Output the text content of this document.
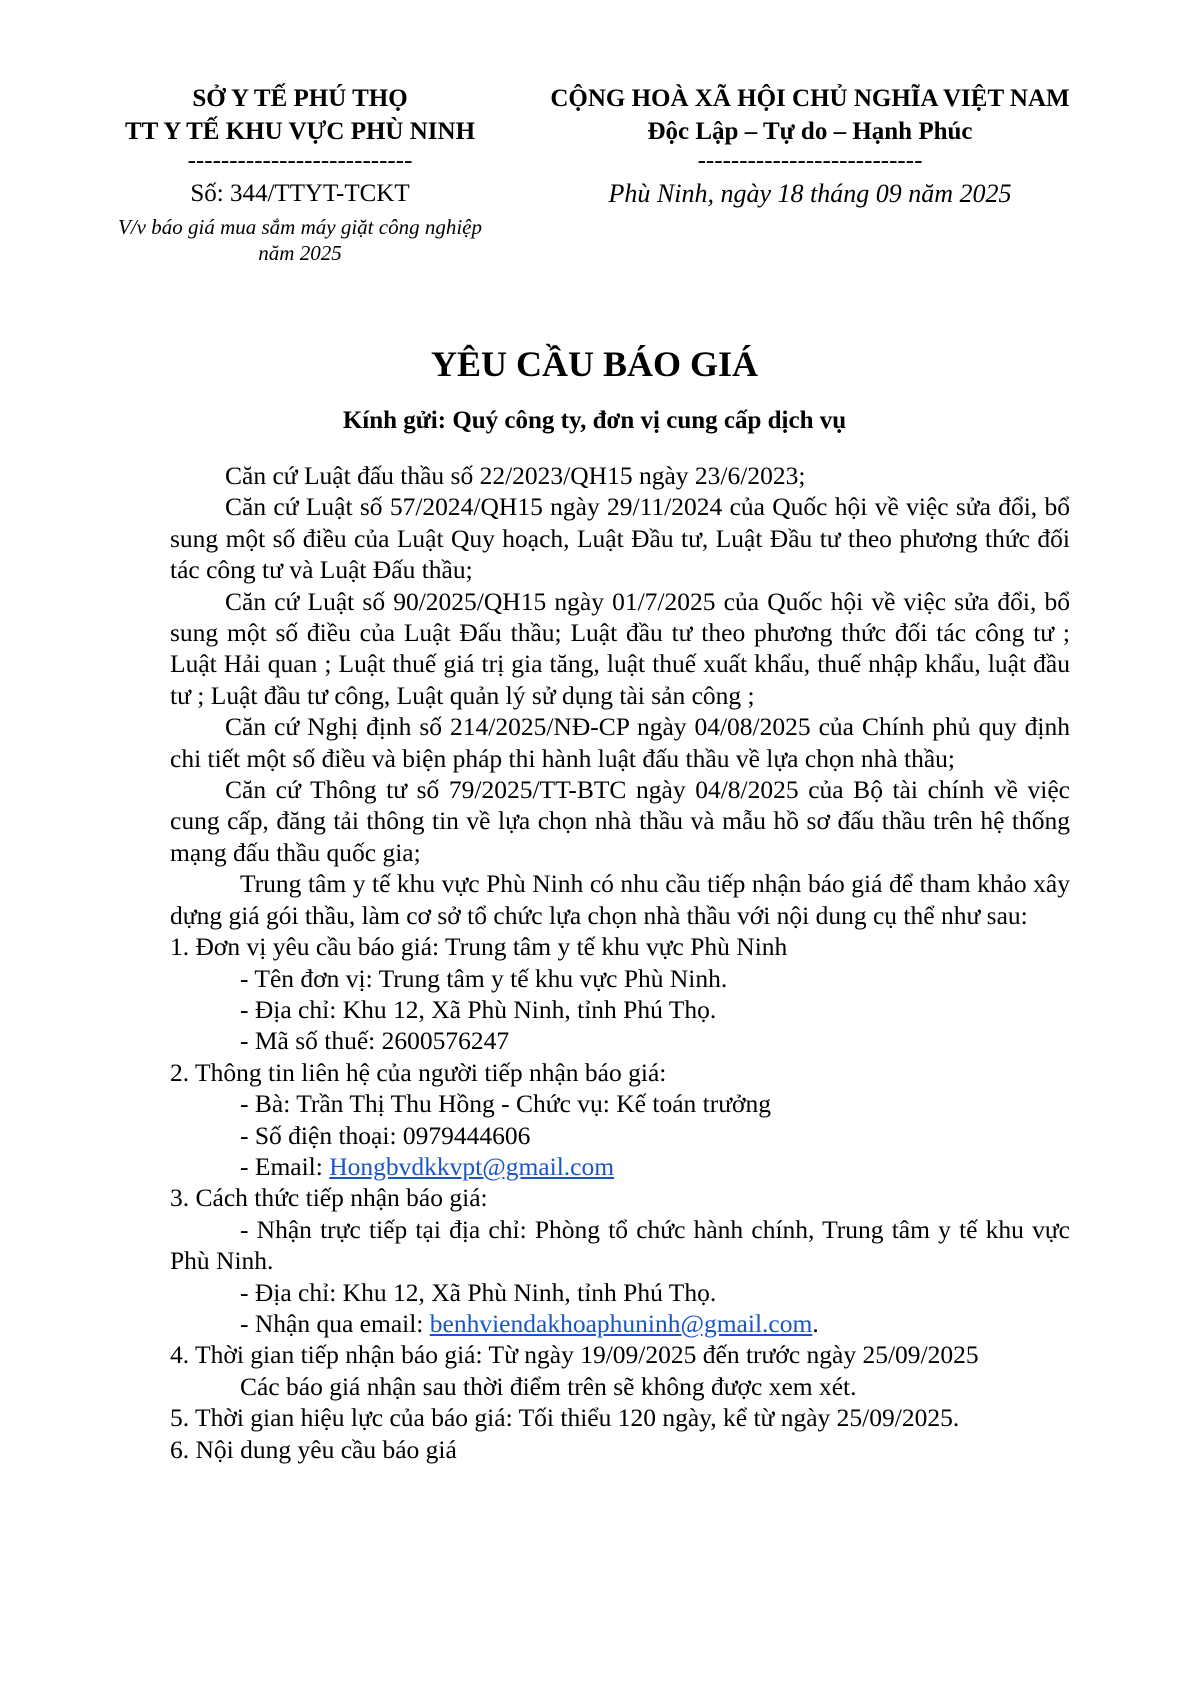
SỞ Y TẾ PHÚ THỌ
TT Y TẾ KHU VỰC PHÙ NINH
---------------------------
Số: 344/TTYT-TCKT
V/v báo giá mua sắm máy giặt công nghiệp năm 2025
CỘNG HOÀ XÃ HỘI CHỦ NGHĨA VIỆT NAM
Độc Lập – Tự do – Hạnh Phúc
---------------------------
Phù Ninh, ngày 18 tháng 09 năm 2025
YÊU CẦU BÁO GIÁ
Kính gửi: Quý công ty, đơn vị cung cấp dịch vụ

Căn cứ Luật đấu thầu số 22/2023/QH15 ngày 23/6/2023;

Căn cứ Luật số 57/2024/QH15 ngày 29/11/2024 của Quốc hội về việc sửa đổi, bổ sung một số điều của Luật Quy hoạch, Luật Đầu tư, Luật Đầu tư theo phương thức đối tác công tư và Luật Đấu thầu;

Căn cứ Luật số 90/2025/QH15 ngày 01/7/2025 của Quốc hội về việc sửa đổi, bổ sung một số điều của Luật Đấu thầu; Luật đầu tư theo phương thức đối tác công tư ; Luật Hải quan ; Luật thuế giá trị gia tăng, luật thuế xuất khẩu, thuế nhập khẩu, luật đầu tư ; Luật đầu tư công, Luật quản lý sử dụng tài sản công ;

Căn cứ Nghị định số 214/2025/NĐ-CP ngày 04/08/2025 của Chính phủ quy định chi tiết một số điều và biện pháp thi hành luật đấu thầu về lựa chọn nhà thầu;

Căn cứ Thông tư số 79/2025/TT-BTC ngày 04/8/2025 của Bộ tài chính về việc cung cấp, đăng tải thông tin về lựa chọn nhà thầu và mẫu hồ sơ đấu thầu trên hệ thống mạng đấu thầu quốc gia;

Trung tâm y tế khu vực Phù Ninh có nhu cầu tiếp nhận báo giá để tham khảo xây dựng giá gói thầu, làm cơ sở tổ chức lựa chọn nhà thầu với nội dung cụ thể như sau:

1. Đơn vị yêu cầu báo giá: Trung tâm y tế khu vực Phù Ninh

- Tên đơn vị: Trung tâm y tế khu vực Phù Ninh.

- Địa chỉ: Khu 12, Xã Phù Ninh, tỉnh Phú Thọ.

- Mã số thuế: 2600576247

2. Thông tin liên hệ của người tiếp nhận báo giá:

- Bà: Trần Thị Thu Hồng - Chức vụ: Kế toán trưởng

- Số điện thoại: 0979444606

- Email: Hongbvdkkvpt@gmail.com

3. Cách thức tiếp nhận báo giá:

- Nhận trực tiếp tại địa chỉ: Phòng tổ chức hành chính, Trung tâm y tế khu vực Phù Ninh.

- Địa chỉ: Khu 12, Xã Phù Ninh, tỉnh Phú Thọ.

- Nhận qua email: benhviendakhoaphuninh@gmail.com.

4. Thời gian tiếp nhận báo giá: Từ ngày 19/09/2025 đến trước ngày 25/09/2025

Các báo giá nhận sau thời điểm trên sẽ không được xem xét.

5. Thời gian hiệu lực của báo giá: Tối thiểu 120 ngày, kể từ ngày 25/09/2025.

6. Nội dung yêu cầu báo giá
